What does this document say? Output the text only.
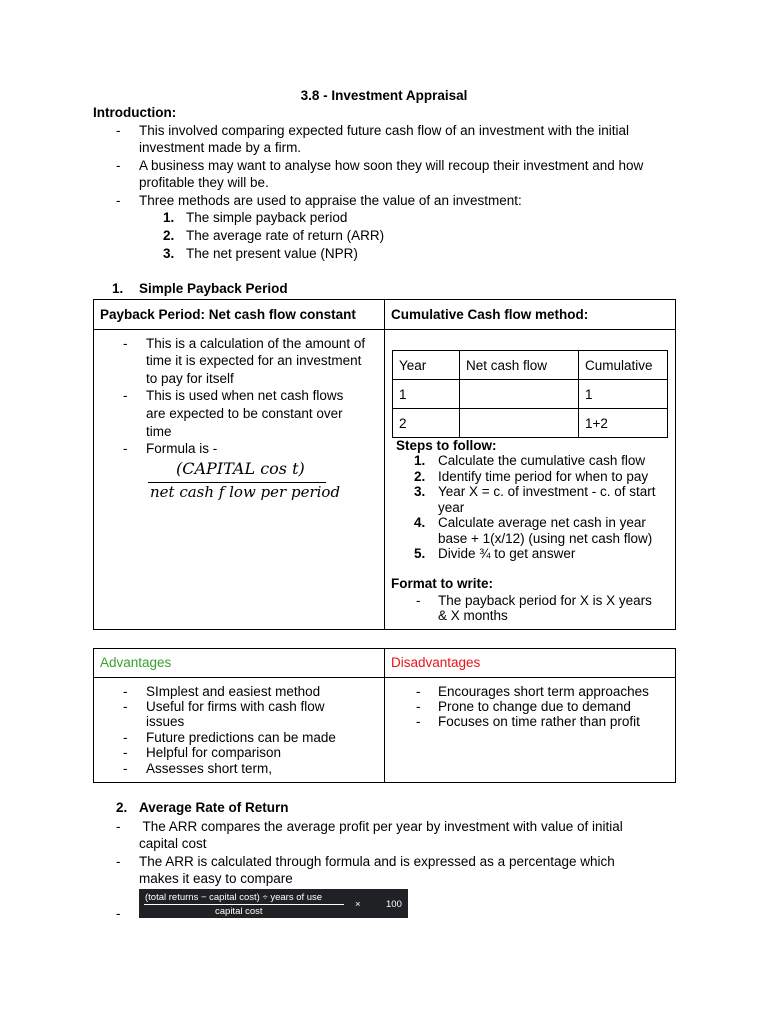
3.8 - Investment Appraisal
Introduction:
- This involved comparing expected future cash flow of an investment with the initial
investment made by a firm.
- A business may want to analyse how soon they will recoup their investment and how
profitable they will be.
- Three methods are used to appraise the value of an investment:
1. The simple payback period
2. The average rate of return (ARR)
3. The net present value (NPR)
1. Simple Payback Period
Payback Period: Net cash flow constant	Cumulative Cash flow method:
- This is a calculation of the amount of
time it is expected for an investment
to pay for itself
- This is used when net cash flows
are expected to be constant over
time
- Formula is -
(CAPITAL cos t)
net cash f low per period
Year	Net cash flow	Cumulative
1		1
2		1+2
Steps to follow:
1. Calculate the cumulative cash flow
2. Identify time period for when to pay
3. Year X = c. of investment - c. of start
year
4. Calculate average net cash in year
base + 1(x/12) (using net cash flow)
5. Divide ¾ to get answer
Format to write:
- The payback period for X is X years
& X months
Advantages	Disadvantages
- SImplest and easiest method
- Useful for firms with cash flow
issues
- Future predictions can be made
- Helpful for comparison
- Assesses short term,
- Encourages short term approaches
- Prone to change due to demand
- Focuses on time rather than profit
2. Average Rate of Return
- The ARR compares the average profit per year by investment with value of initial
capital cost
- The ARR is calculated through formula and is expressed as a percentage which
makes it easy to compare
(total returns − capital cost) ÷ years of use
capital cost
×	100
-
